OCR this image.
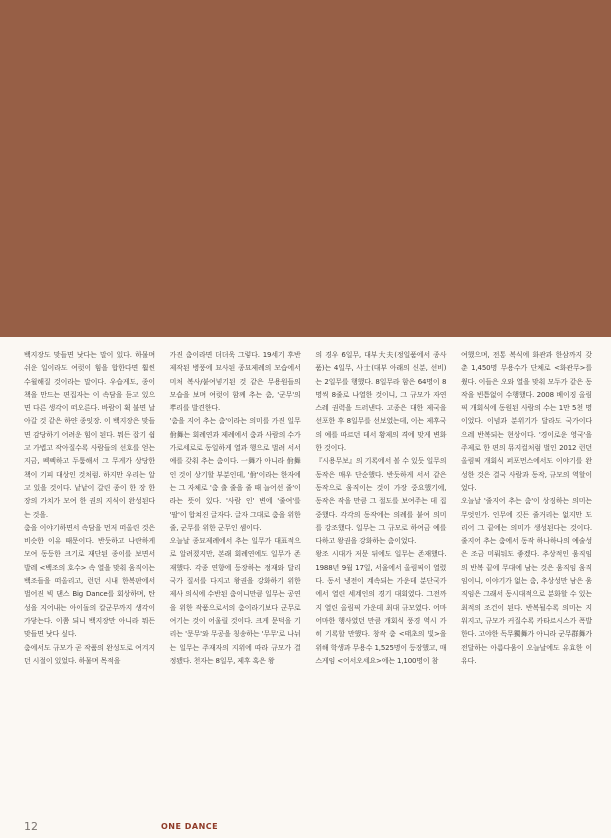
백지장도 맞들면 낫다는 말이 있다. 하물며 쉬운 일이라도 여럿이 힘을 합한다면 훨씬 수월해질 것이라는 말이다. 우습게도, 종이책을 만드는 편집자는 이 속담을 듣고 있으면 다른 생각이 떠오른다. 바람이 휙 불면 날아갈 것 같은 하얀 종잇장. 이 백지장은 맞들면 감당하기 어려운 힘이 된다. 뭐든 잡기 쉽고 가볍고 작아질수록 사람들의 선호를 얻는 지금, 펙펙하고 두툼해서 그 무게가 상당한 책이 기피 대상인 것처럼. 하지만 우리는 알고 있을 것이다. 낱낱이 갈린 종이 한 장 한 장의 가치가 모여 한 권의 지식이 완성된다는 것을.

춤을 이야기하면서 속담을 먼저 떠올린 것은 비슷한 이유 때문이다. 반듯하고 나란하게 모여 동등한 크기로 재단된 종이를 보면서 발레 <백조의 호수> 속 열을 맞춰 움직이는 백조들을 떠올리고, 런던 시내 한복판에서 벌어진 빅 댄스 Big Dance를 회상하며, 탄성을 지어내는 아이돌의 칼군무까지 생각이 가닿는다. 이쯤 되니 백지장만 아니라 뭐든 맞들면 낫다 싶다.

춤에서도 규모가 곧 작품의 완성도로 여겨지던 시절이 있었다. 하물며 목적을

가진 춤이라면 더더욱 그렇다. 19세기 후반 제작된 병풍에 묘사된 종묘제례의 모습에서 미처 복사/붙여넣기된 것 같은 무용원들의 모습을 보며 여럿이 함께 추는 춤, '군무'의 뿌리를 발견한다.

'춤을 지어 추는 춤'이라는 의미를 가진 일무佾舞는 회례연과 제례에서 춤과 사람의 수가 가로세로로 동일하게 열과 행으로 벌려 서서 예를 갖춰 추는 춤이다. 一舞가 아니라 佾舞인 것이 상기할 부분인데, '佾'이라는 한자에는 그 자체로 '춤 출 줄을 줄 때 늘어선 줄'이라는 뜻이 있다. '사람 인' 변에 '줄여'를 '팔'이 합쳐진 글자다. 글자 그대로 춤을 위한 줄, 군무를 위한 군무인 셈이다.

오늘날 종묘제례에서 추는 일무가 대표적으로 알려졌지만, 본래 회례연에도 일무가 존재했다. 각종 연향에 등장하는 정재와 달리 국가 질서를 다지고 왕권을 강화하기 위한 제사 의식에 수반된 춤이니만큼 일무는 공연을 위한 작품으로서의 춤이라기보다 군무로 여기는 것이 어울릴 것이다. 크게 문덕을 기리는 '문무'와 무공을 칭송하는 '무무'로 나뉘는 일무는 주재자의 지위에 따라 규모가 결정됐다. 천자는 8일무, 제후 혹은 왕

의 경우 6일무, 대부大夫(정일품에서 종사품)는 4일무, 사士(대부 아래의 신분, 선비)는 2일무를 행했다. 8일무라 함은 64명이 8명씩 8줄로 나열한 것이니, 그 규모가 자연스레 권력을 드러낸다. 고종은 대한 제국을 선포한 후 8일무를 선보였는데, 이는 제후국의 예를 따르던 데서 황제의 격에 맞게 변화한 것이다.

『시용무보』의 기록에서 볼 수 있듯 일무의 동작은 매우 단순했다. 반듯하게 서서 같은 동작으로 움직이는 것이 가장 중요했기에, 동작은 작을 만큼 그 절도를 보여주는 데 집중했다. 각각의 동작에는 의례를 붙여 의미를 강조했다. 일무는 그 규모로 하여금 예를 다하고 왕권을 강화하는 춤이었다.

왕조 시대가 저문 뒤에도 일무는 존재했다. 1988년 9월 17일, 서울에서 올림픽이 열렸다. 동서 냉전이 계속되는 가운데 분단국가에서 열린 세계인의 경기 대회였다. 그전까지 열린 올림픽 가운데 최대 규모였다. 어마어마한 행사였던 만큼 개회식 풍경 역시 가히 기록할 만했다. 창작 춤 <태초의 빛>을 위해 학생과 무용수 1,525명이 등장했고, 매스게임 <어서오세요>에는 1,100명이 참

여했으며, 전통 복식에 화관과 한삼까지 갖춘 1,450명 무용수가 단체로 <화관무>를 췄다. 이들은 오와 열을 맞춰 모두가 같은 동작을 빈틈없이 수행했다. 2008 베이징 올림픽 개회식에 동원된 사람의 수는 1만 5천 명이었다. 이념과 분위기가 달라도 국가이다 으레 반복되는 현상이다. '경이로운 영국'을 주제로 한 편의 뮤지컬처럼 벌인 2012 런던 올림픽 개회식 퍼포먼스에서도 이야기를 완성한 것은 결국 사람과 동작, 규모의 역할이었다.

오늘날 '줄지어 추는 춤'이 상징하는 의미는 무엇인가. 인무에 깃든 줄거리는 없지만 도리어 그 끝에는 의미가 생성된다는 것이다. 줄지어 추는 춤에서 동작 하나하나의 예술성은 조금 미뤄둬도 좋겠다. 추상적인 움직임의 반복 끝에 무대에 남는 것은 움직임 움직임이니, 이야기가 없는 춤, 추상성만 남은 움직임은 그래서 동시대적으로 분화할 수 있는 최적의 조건이 된다. 반복될수록 의미는 지워지고, 규모가 커질수록 카타르시스가 폭발한다. 고야한 독무獨舞가 아니라 군무群舞가 전달하는 아름다움이 오늘날에도 유효한 이유다.

12	ONE DANCE
